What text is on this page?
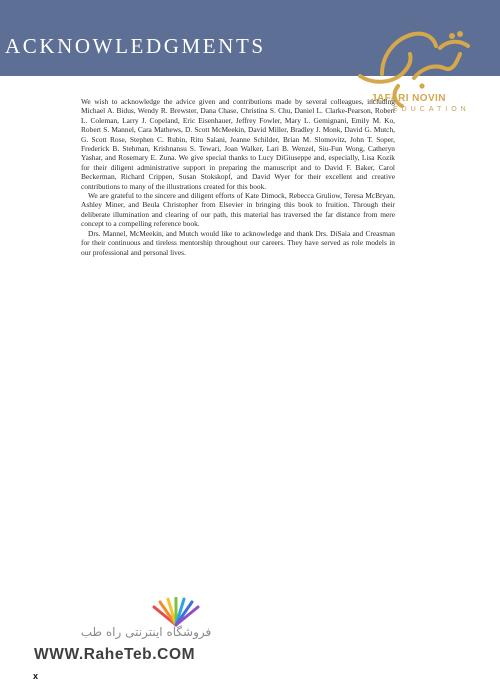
ACKNOWLEDGMENTS
JAFARI NOVIN
EDUCATION

We wish to acknowledge the advice given and contributions made by several colleagues, including Michael A. Bidus, Wendy R. Brewster, Dana Chase, Christina S. Chu, Daniel L. Clarke-Pearson, Robert L. Coleman, Larry J. Copeland, Eric Eisenhauer, Jeffrey Fowler, Mary L. Gemignani, Emily M. Ko, Robert S. Mannel, Cara Mathews, D. Scott McMeekin, David Miller, Bradley J. Monk, David G. Mutch, G. Scott Rose, Stephen C. Rubin, Ritu Salani, Jeanne Schilder, Brian M. Slomovitz, John T. Soper, Frederick B. Stehman, Krishnansu S. Tewari, Joan Walker, Lari B. Wenzel, Siu-Fun Wong, Catheryn Yashar, and Rosemary E. Zuna. We give special thanks to Lucy DiGiuseppe and, especially, Lisa Kozik for their diligent administrative support in preparing the manuscript and to David F. Baker, Carol Beckerman, Richard Crippen, Susan Stokskopf, and David Wyer for their excellent and creative contributions to many of the illustrations created for this book.

We are grateful to the sincere and diligent efforts of Kate Dimock, Rebecca Gruliow, Teresa McBryan, Ashley Miner, and Beula Christopher from Elsevier in bringing this book to fruition. Through their deliberate illumination and clearing of our path, this material has traversed the far distance from mere concept to a compelling reference book.

Drs. Mannel, McMeekin, and Mutch would like to acknowledge and thank Drs. DiSaia and Creasman for their continuous and tireless mentorship throughout our careers. They have served as role models in our professional and personal lives.

فروشگاه اینترنتی راه طب
WWW.RaheTeb.COM
x
